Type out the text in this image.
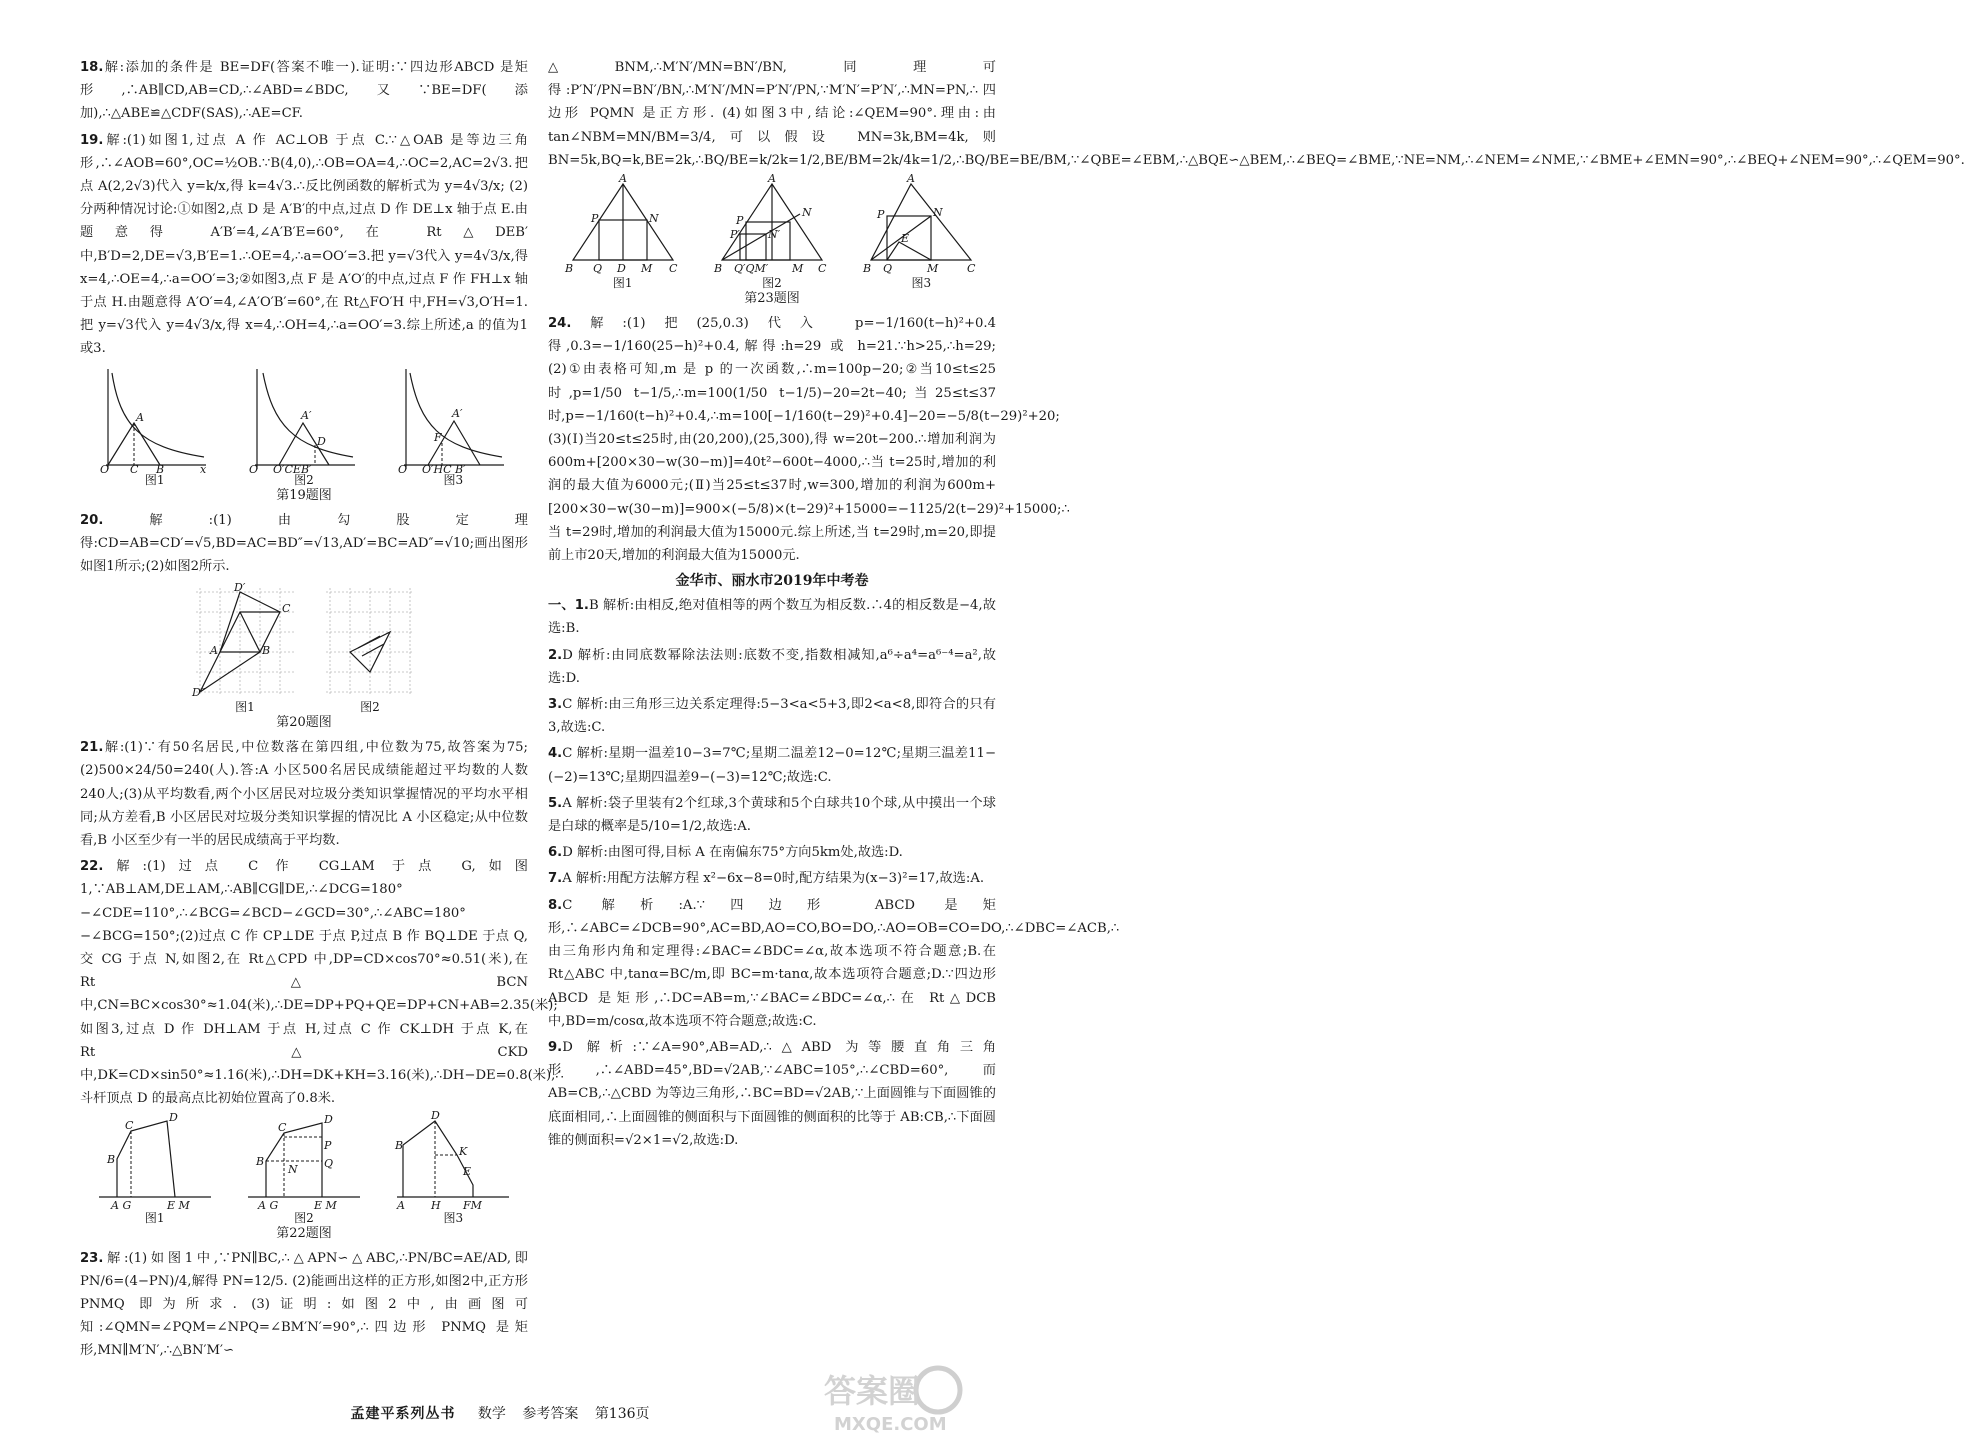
18.解:添加的条件是 BE=DF(答案不唯一).证明:∵四边形ABCD 是矩形,∴AB∥CD,AB=CD,∴∠ABD=∠BDC,又∵BE=DF(添加),∴△ABE≌△CDF(SAS),∴AE=CF.

19.解:(1)如图1,过点 A 作 AC⊥OB 于点 C.∵△OAB 是等边三角形,∴∠AOB=60°,OC=½OB.∵B(4,0),∴OB=OA=4,∴OC=2,AC=2√3.把点 A(2,2√3)代入 y=k/x,得 k=4√3.∴反比例函数的解析式为 y=4√3/x; (2)分两种情况讨论:①如图2,点 D 是 A′B′的中点,过点 D 作 DE⊥x 轴于点 E.由题意得 A′B′=4,∠A′B′E=60°,在 Rt△DEB′中,B′D=2,DE=√3,B′E=1.∴OE=4,∴a=OO′=3.把 y=√3代入 y=4√3/x,得 x=4,∴OE=4,∴a=OO′=3;②如图3,点 F 是 A′O′的中点,过点 F 作 FH⊥x 轴于点 H.由题意得 A′O′=4,∠A′O′B′=60°,在 Rt△FO′H 中,FH=√3,O′H=1.把 y=√3代入 y=4√3/x,得 x=4,∴OH=4,∴a=OO′=3.综上所述,a 的值为1或3.

A
O C B	x
图1
A′
D
O O′CEB′
图2
A′
F
O O′HC B′
图3
第19题图

20.解:(1)由勾股定理得:CD=AB=CD′=√5,BD=AC=BD″=√13,AD′=BC=AD″=√10;画出图形如图1所示;(2)如图2所示.

D′
A
C
B
D″
图1	图2
第20题图

21.解:(1)∵有50名居民,中位数落在第四组,中位数为75,故答案为75;(2)500×24/50=240(人).答:A 小区500名居民成绩能超过平均数的人数240人;(3)从平均数看,两个小区居民对垃圾分类知识掌握情况的平均水平相同;从方差看,B 小区居民对垃圾分类知识掌握的情况比 A 小区稳定;从中位数看,B 小区至少有一半的居民成绩高于平均数.

22.解:(1)过点 C 作 CG⊥AM 于点 G,如图1,∵AB⊥AM,DE⊥AM,∴AB∥CG∥DE,∴∠DCG=180°−∠CDE=110°,∴∠BCG=∠BCD−∠GCD=30°,∴∠ABC=180°−∠BCG=150°;(2)过点 C 作 CP⊥DE 于点 P,过点 B 作 BQ⊥DE 于点 Q,交 CG 于点 N,如图2,在 Rt△CPD 中,DP=CD×cos70°≈0.51(米),在 Rt△BCN 中,CN=BC×cos30°≈1.04(米),∴DE=DP+PQ+QE=DP+CN+AB=2.35(米);如图3,过点 D 作 DH⊥AM 于点 H,过点 C 作 CK⊥DH 于点 K,在 Rt△CKD 中,DK=CD×sin50°≈1.16(米),∴DH=DK+KH=3.16(米),∴DH−DE=0.8(米),∴斗杆顶点 D 的最高点比初始位置高了0.8米.

B
C
D
A G	E M
图1
B
C
D
P
Q
N
A G	E M
图2
B
D
K
E
A H FM
图3
第22题图

23.解:(1)如图1中,∵PN∥BC,∴△APN∽△ABC,∴PN/BC=AE/AD,即 PN/6=(4−PN)/4,解得 PN=12/5. (2)能画出这样的正方形,如图2中,正方形 PNMQ 即为所求. (3)证明:如图2中,由画图可知:∠QMN=∠PQM=∠NPQ=∠BM′N′=90°,∴四边形 PNMQ 是矩形,MN∥M′N′,∴△BN′M′∽

△BNM,∴M′N′/MN=BN′/BN,同理可得:P′N′/PN=BN′/BN,∴M′N′/MN=P′N′/PN,∵M′N′=P′N′,∴MN=PN,∴四边形 PQMN 是正方形. (4)如图3中,结论:∠QEM=90°.理由:由 tan∠NBM=MN/BM=3/4,可以假设 MN=3k,BM=4k,则 BN=5k,BQ=k,BE=2k,∴BQ/BE=k/2k=1/2,BE/BM=2k/4k=1/2,∴BQ/BE=BE/BM,∵∠QBE=∠EBM,∴△BQE∽△BEM,∴∠BEQ=∠BME,∵NE=NM,∴∠NEM=∠NME,∵∠BME+∠EMN=90°,∴∠BEQ+∠NEM=90°,∴∠QEM=90°.

A
P	N
B Q D M C
图1
A
P
N
N′
P′
B Q′QM′ M C
图2
A
P	N
E
B Q	M	C
图3
第23题图

24.解:(1)把(25,0.3)代入 p=−1/160(t−h)²+0.4 得,0.3=−1/160(25−h)²+0.4,解得:h=29 或 h=21.∵h>25,∴h=29; (2)①由表格可知,m 是 p 的一次函数,∴m=100p−20;②当10≤t≤25时,p=1/50 t−1/5,∴m=100(1/50 t−1/5)−20=2t−40;当25≤t≤37时,p=−1/160(t−h)²+0.4,∴m=100[−1/160(t−29)²+0.4]−20=−5/8(t−29)²+20; (3)(Ⅰ)当20≤t≤25时,由(20,200),(25,300),得 w=20t−200.∴增加利润为600m+[200×30−w(30−m)]=40t²−600t−4000,∴当 t=25时,增加的利润的最大值为6000元;(Ⅱ)当25≤t≤37时,w=300,增加的利润为600m+[200×30−w(30−m)]=900×(−5/8)×(t−29)²+15000=−1125/2(t−29)²+15000;∴当 t=29时,增加的利润最大值为15000元.综上所述,当 t=29时,m=20,即提前上市20天,增加的利润最大值为15000元.

金华市、丽水市2019年中考卷

一、1.B 解析:由相反,绝对值相等的两个数互为相反数.∴4的相反数是−4,故选:B.

2.D 解析:由同底数幂除法法则:底数不变,指数相减知,a⁶÷a⁴=a⁶⁻⁴=a²,故选:D.

3.C 解析:由三角形三边关系定理得:5−3<a<5+3,即2<a<8,即符合的只有3,故选:C.

4.C 解析:星期一温差10−3=7℃;星期二温差12−0=12℃;星期三温差11−(−2)=13℃;星期四温差9−(−3)=12℃;故选:C.

5.A 解析:袋子里装有2个红球,3个黄球和5个白球共10个球,从中摸出一个球是白球的概率是5/10=1/2,故选:A.

6.D 解析:由图可得,目标 A 在南偏东75°方向5km处,故选:D.

7.A 解析:用配方法解方程 x²−6x−8=0时,配方结果为(x−3)²=17,故选:A.

8.C 解析:A.∵四边形 ABCD 是矩形,∴∠ABC=∠DCB=90°,AC=BD,AO=CO,BO=DO,∴AO=OB=CO=DO,∴∠DBC=∠ACB,∴由三角形内角和定理得:∠BAC=∠BDC=∠α,故本选项不符合题意;B.在 Rt△ABC 中,tanα=BC/m,即 BC=m·tanα,故本选项符合题意;D.∵四边形 ABCD 是矩形,∴DC=AB=m,∵∠BAC=∠BDC=∠α,∴在 Rt△DCB 中,BD=m/cosα,故本选项不符合题意;故选:C.

9.D 解析:∵∠A=90°,AB=AD,∴△ABD 为等腰直角三角形,∴∠ABD=45°,BD=√2AB,∵∠ABC=105°,∴∠CBD=60°,而 AB=CB,∴△CBD 为等边三角形,∴BC=BD=√2AB,∵上面圆锥与下面圆锥的底面相同,∴上面圆锥的侧面积与下面圆锥的侧面积的比等于 AB:CB,∴下面圆锥的侧面积=√2×1=√2,故选:D.

孟建平系列丛书 数学 参考答案 第136页
答案圈
MXQE.COM
